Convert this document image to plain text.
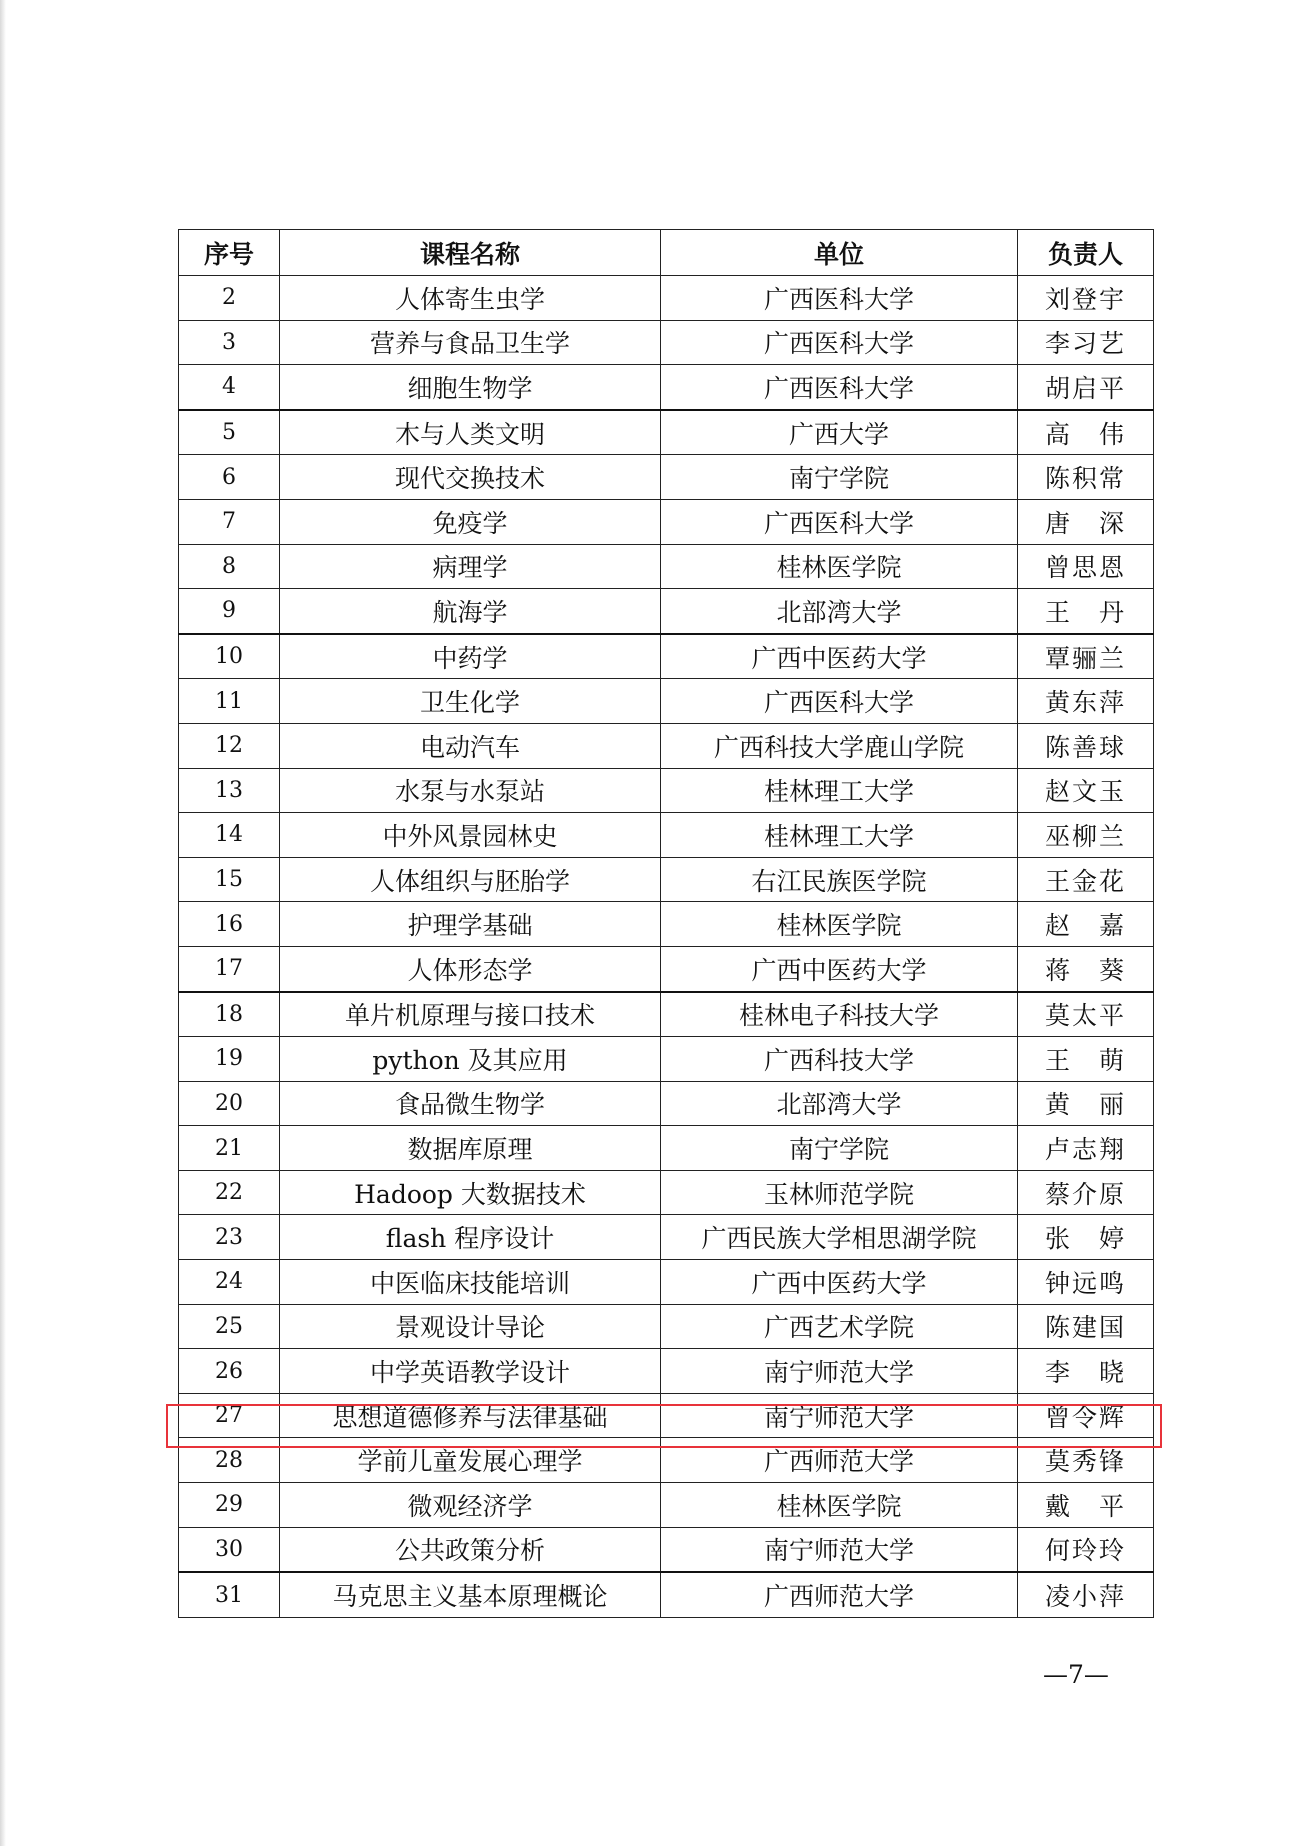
序号	课程名称	单位	负责人
2	人体寄生虫学	广西医科大学	刘登宇
3	营养与食品卫生学	广西医科大学	李习艺
4	细胞生物学	广西医科大学	胡启平
5	木与人类文明	广西大学	高　伟
6	现代交换技术	南宁学院	陈积常
7	免疫学	广西医科大学	唐　深
8	病理学	桂林医学院	曾思恩
9	航海学	北部湾大学	王　丹
10	中药学	广西中医药大学	覃骊兰
11	卫生化学	广西医科大学	黄东萍
12	电动汽车	广西科技大学鹿山学院	陈善球
13	水泵与水泵站	桂林理工大学	赵文玉
14	中外风景园林史	桂林理工大学	巫柳兰
15	人体组织与胚胎学	右江民族医学院	王金花
16	护理学基础	桂林医学院	赵　嘉
17	人体形态学	广西中医药大学	蒋　葵
18	单片机原理与接口技术	桂林电子科技大学	莫太平
19	python 及其应用	广西科技大学	王　萌
20	食品微生物学	北部湾大学	黄　丽
21	数据库原理	南宁学院	卢志翔
22	Hadoop 大数据技术	玉林师范学院	蔡介原
23	flash 程序设计	广西民族大学相思湖学院	张　婷
24	中医临床技能培训	广西中医药大学	钟远鸣
25	景观设计导论	广西艺术学院	陈建国
26	中学英语教学设计	南宁师范大学	李　晓
27	思想道德修养与法律基础	南宁师范大学	曾令辉
28	学前儿童发展心理学	广西师范大学	莫秀锋
29	微观经济学	桂林医学院	戴　平
30	公共政策分析	南宁师范大学	何玲玲
31	马克思主义基本原理概论	广西师范大学	凌小萍
—7—
